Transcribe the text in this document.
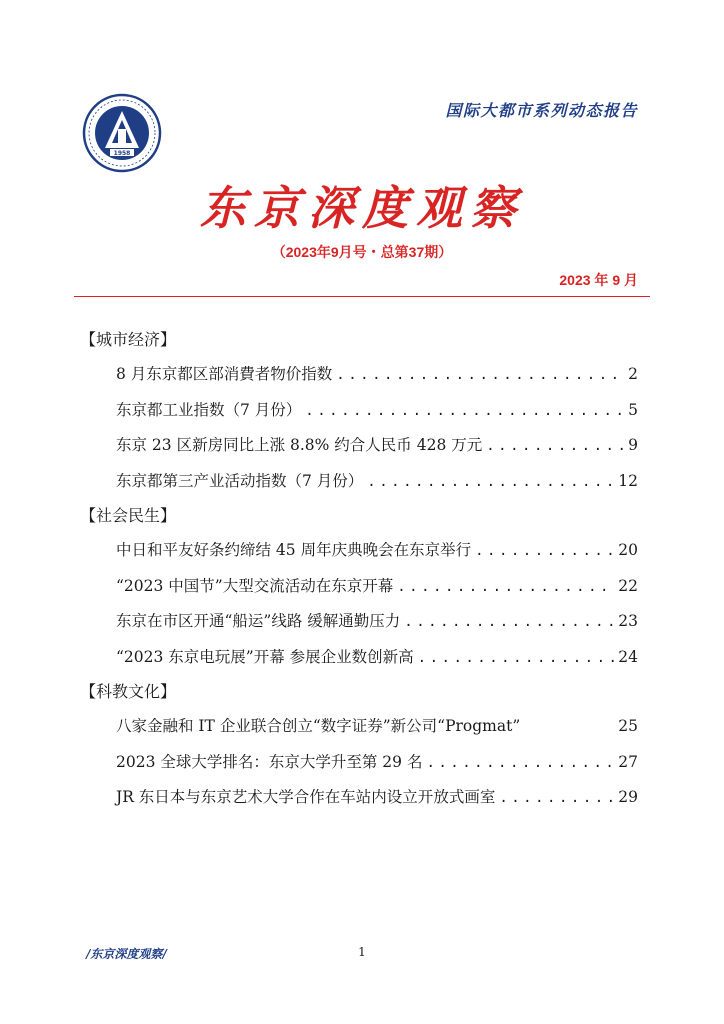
1958
国际大都市系列动态报告
东京深度观察
（2023年9月号・总第37期）
2023 年 9 月
【城市经济】
8 月东京都区部消費者物价指数 .....	2
东京都工业指数（7 月份） .....	5
东京 23 区新房同比上涨 8.8% 约合人民币 428 万元 .....	9
东京都第三产业活动指数（7 月份） .....	12
【社会民生】
中日和平友好条约缔结 45 周年庆典晚会在东京举行 .....	20
“2023 中国节”大型交流活动在东京开幕 .....	22
东京在市区开通“船运”线路 缓解通勤压力 .....	23
“2023 东京电玩展”开幕 参展企业数创新高 .....	24
【科教文化】
八家金融和 IT 企业联合创立“数字证券”新公司“Progmat”	25
2023 全球大学排名：东京大学升至第 29 名 .....	27
JR 东日本与东京艺术大学合作在车站内设立开放式画室 .....	29
/东京深度观察/	1
